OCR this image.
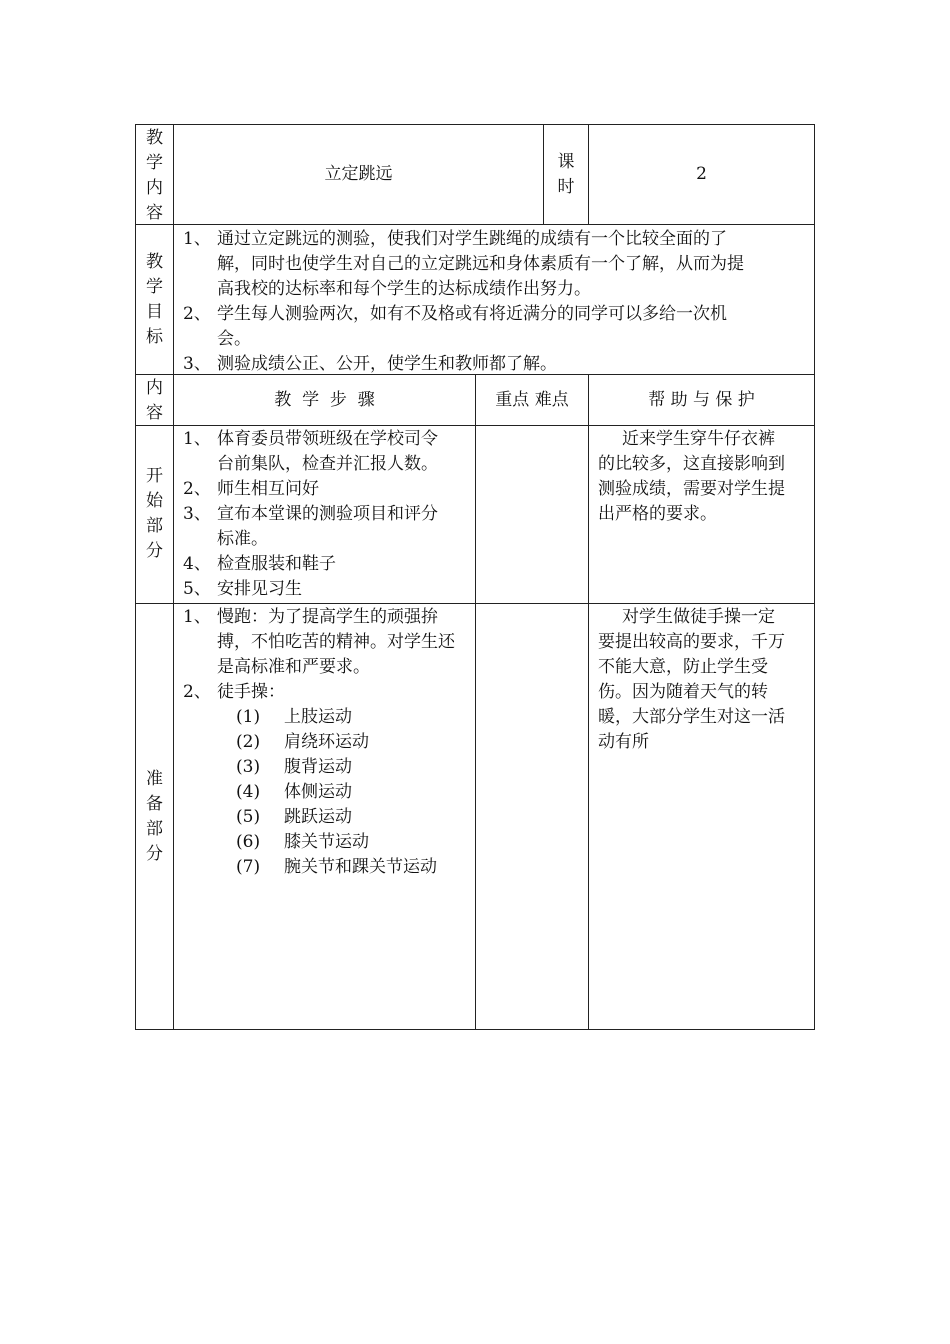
教
学
内
容
立定跳远
课
时
2
教
学
目
标
1、 通过立定跳远的测验，使我们对学生跳绳的成绩有一个比较全面的了
解，同时也使学生对自己的立定跳远和身体素质有一个了解，从而为提
高我校的达标率和每个学生的达标成绩作出努力。
2、 学生每人测验两次，如有不及格或有将近满分的同学可以多给一次机
会。
3、 测验成绩公正、公开，使学生和教师都了解。
内
容
教  学  步  骤	重点 难点	帮 助 与 保 护
开
始
部
分
1、 体育委员带领班级在学校司令
台前集队，检查并汇报人数。
2、 师生相互问好
3、 宣布本堂课的测验项目和评分
标准。
4、 检查服装和鞋子
5、 安排见习生
近来学生穿牛仔衣裤
的比较多，这直接影响到
测验成绩，需要对学生提
出严格的要求。
准
备
部
分
1、 慢跑：为了提高学生的顽强拚
搏，不怕吃苦的精神。对学生还
是高标准和严要求。
2、 徒手操：
(1) 上肢运动
(2) 肩绕环运动
(3) 腹背运动
(4) 体侧运动
(5) 跳跃运动
(6) 膝关节运动
(7) 腕关节和踝关节运动
对学生做徒手操一定
要提出较高的要求，千万
不能大意，防止学生受
伤。因为随着天气的转
暖，大部分学生对这一活
动有所
